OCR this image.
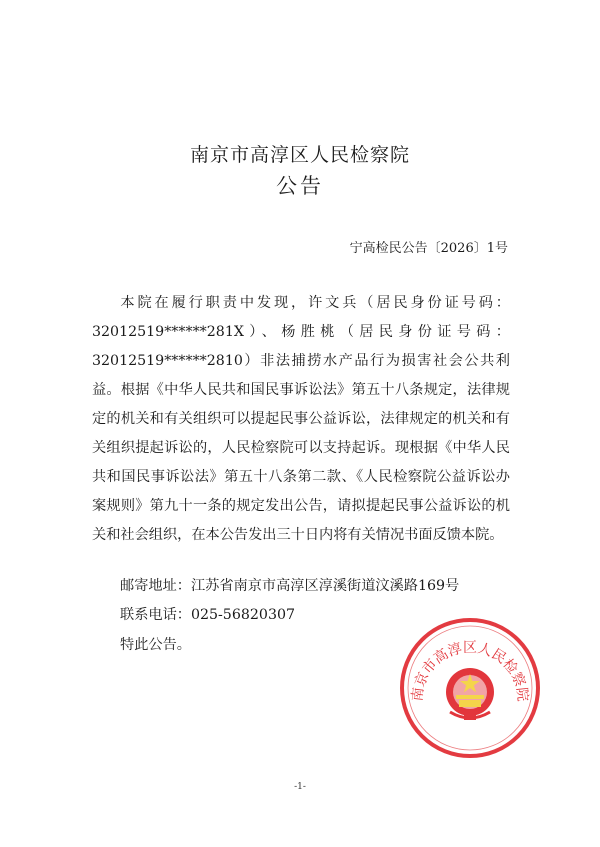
南京市高淳区人民检察院
公告
宁高检民公告〔2026〕1号

本院在履行职责中发现，许文兵（居民身份证号码：32012519******281X）、杨胜桃（居民身份证号码：32012519******2810）非法捕捞水产品行为损害社会公共利益。根据《中华人民共和国民事诉讼法》第五十八条规定，法律规定的机关和有关组织可以提起民事公益诉讼，法律规定的机关和有关组织提起诉讼的，人民检察院可以支持起诉。现根据《中华人民共和国民事诉讼法》第五十八条第二款、《人民检察院公益诉讼办案规则》第九十一条的规定发出公告，请拟提起民事公益诉讼的机关和社会组织，在本公告发出三十日内将有关情况书面反馈本院。

邮寄地址：江苏省南京市高淳区淳溪街道汶溪路169号
联系电话：025-56820307
特此公告。
南京市高淳区人民检察院
-1-
